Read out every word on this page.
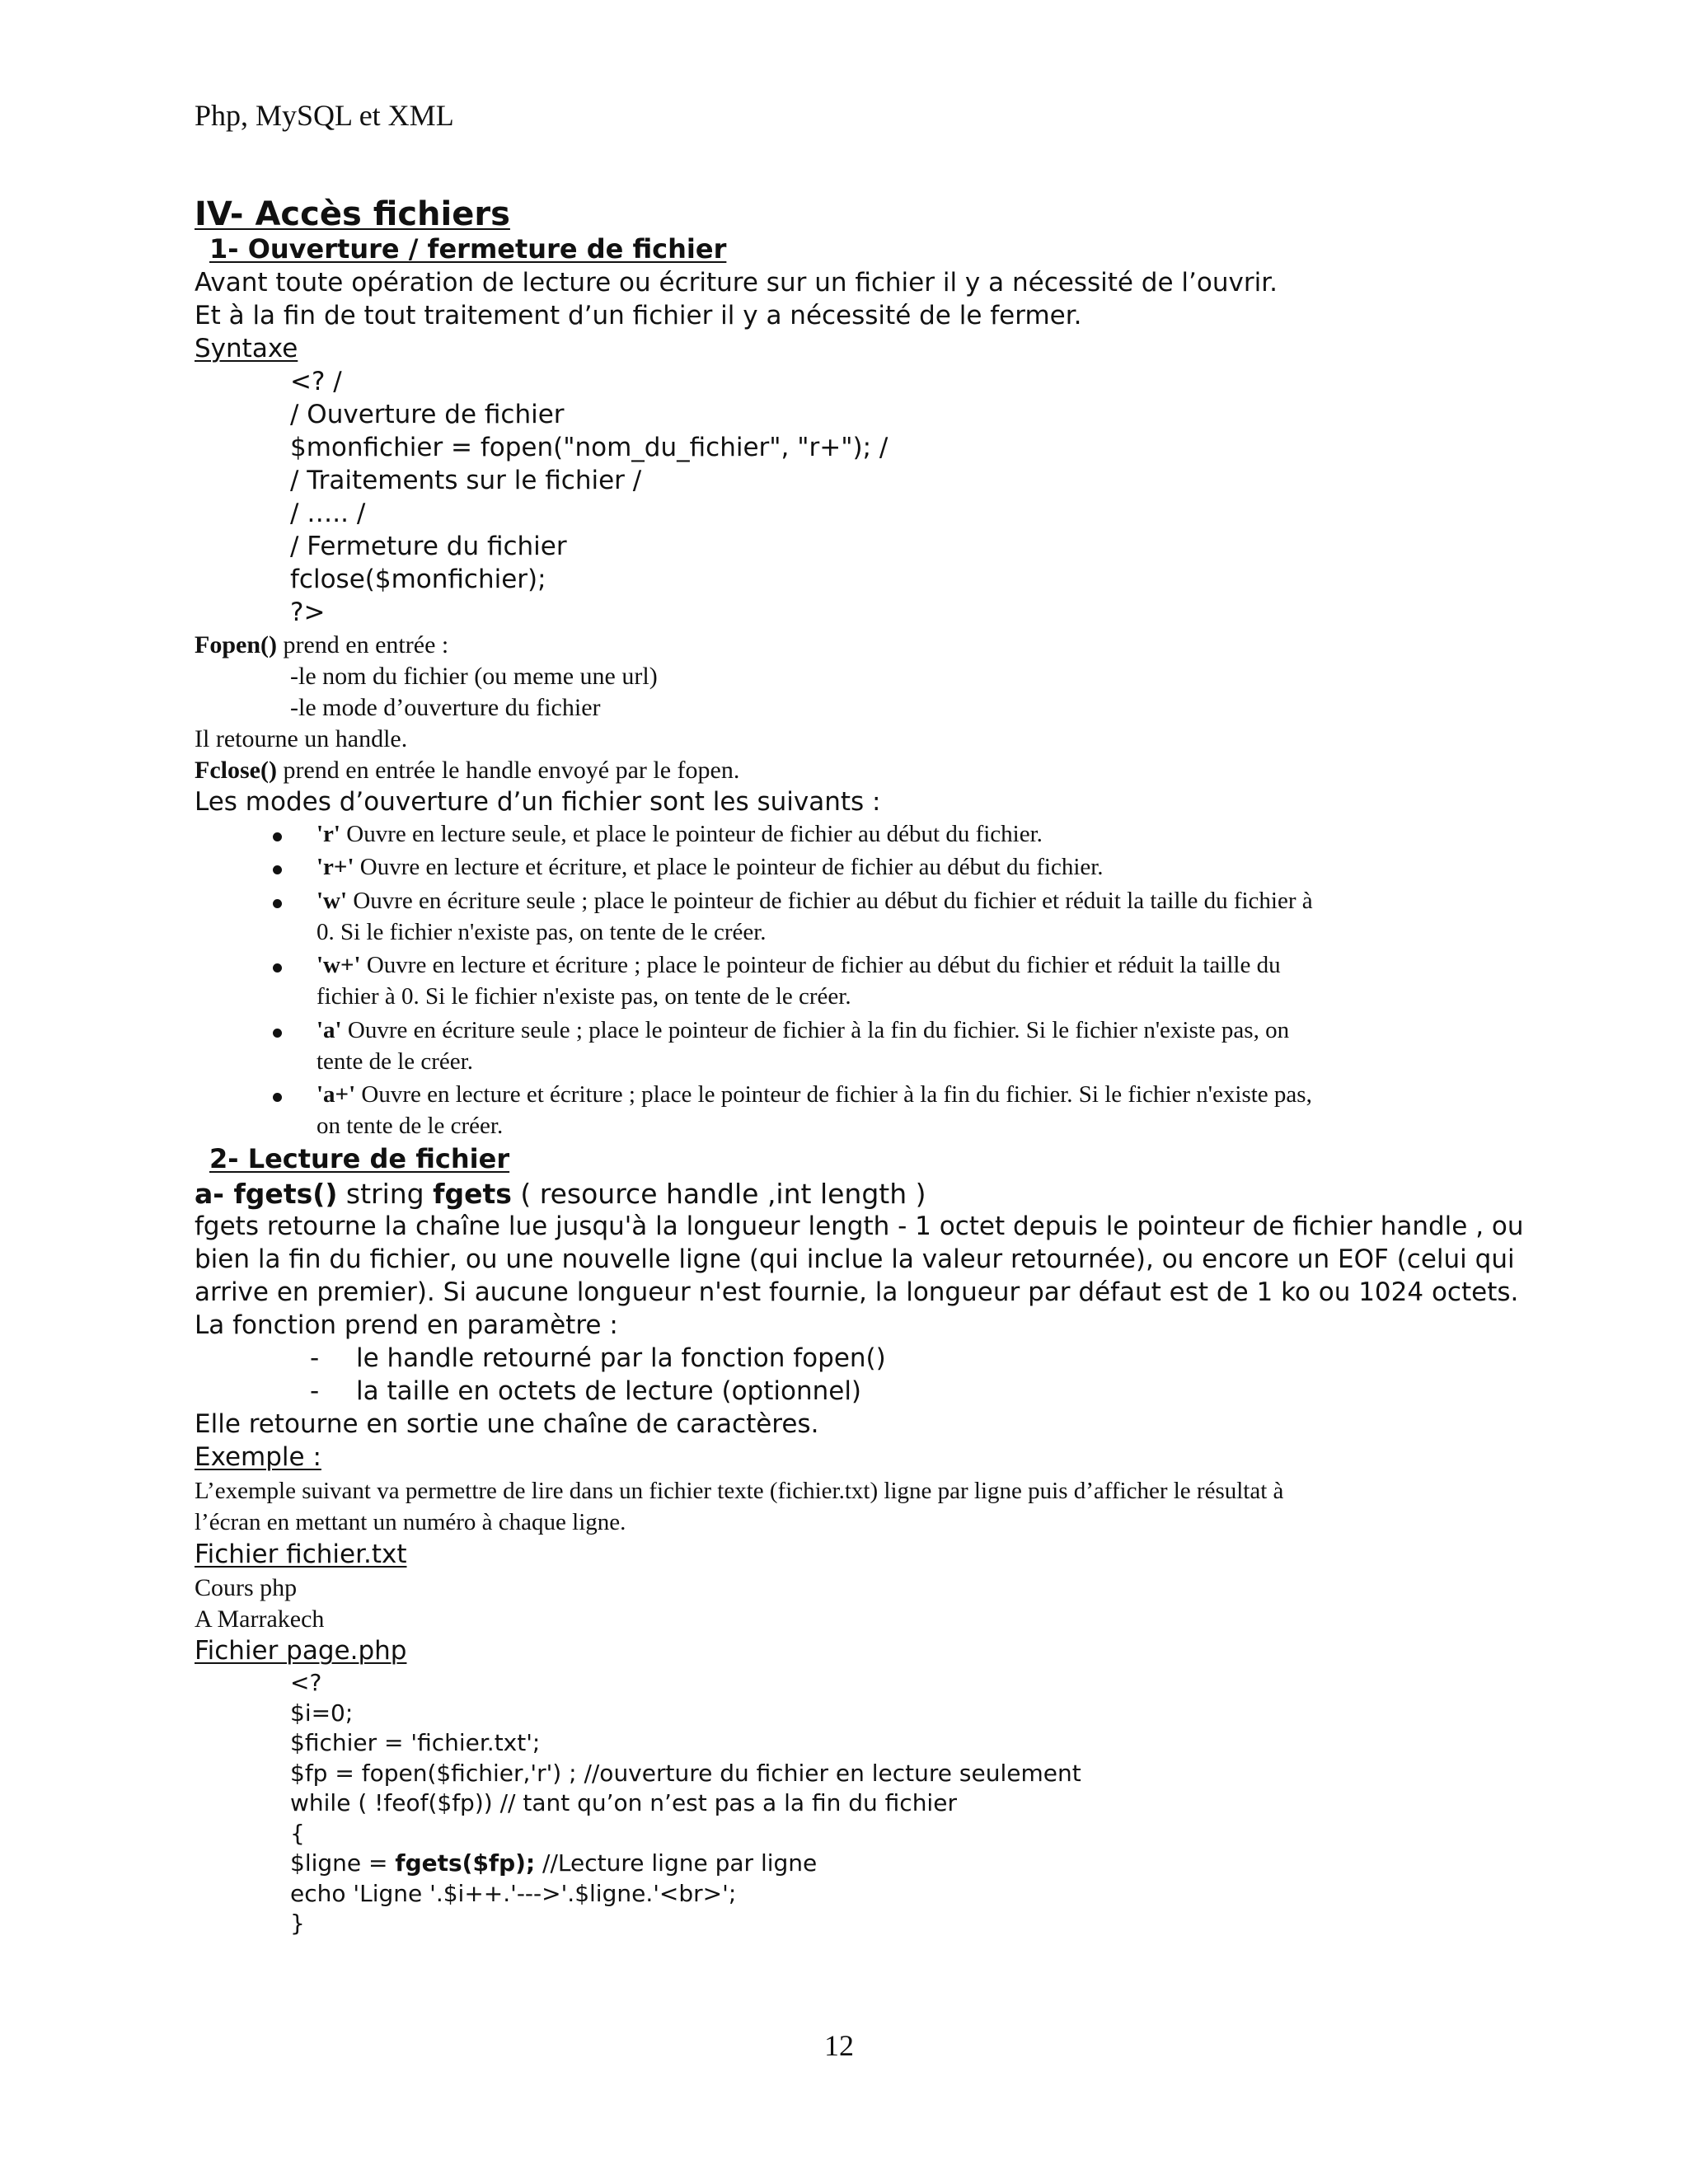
Php, MySQL et XML
IV- Accès fichiers
1- Ouverture / fermeture de fichier
Avant toute opération de lecture ou écriture sur un fichier il y a nécessité de l’ouvrir.
Et à la fin de tout traitement d’un fichier il y a nécessité de le fermer.
Syntaxe
<? /
/ Ouverture de fichier
$monfichier = fopen("nom_du_fichier", "r+"); /
/ Traitements sur le fichier /
/ ….. /
/ Fermeture du fichier
fclose($monfichier);
?>
Fopen() prend en entrée :
-le nom du fichier (ou meme une url)
-le mode d’ouverture du fichier
Il retourne un handle.
Fclose() prend en entrée le handle envoyé par le fopen.
Les modes d’ouverture d’un fichier sont les suivants :
'r' Ouvre en lecture seule, et place le pointeur de fichier au début du fichier.
'r+' Ouvre en lecture et écriture, et place le pointeur de fichier au début du fichier.
'w' Ouvre en écriture seule ; place le pointeur de fichier au début du fichier et réduit la taille du fichier à
0. Si le fichier n'existe pas, on tente de le créer.
'w+' Ouvre en lecture et écriture ; place le pointeur de fichier au début du fichier et réduit la taille du
fichier à 0. Si le fichier n'existe pas, on tente de le créer.
'a' Ouvre en écriture seule ; place le pointeur de fichier à la fin du fichier. Si le fichier n'existe pas, on
tente de le créer.
'a+' Ouvre en lecture et écriture ; place le pointeur de fichier à la fin du fichier. Si le fichier n'existe pas,
on tente de le créer.
2- Lecture de fichier
a- fgets() string fgets ( resource handle ,int length )
fgets retourne la chaîne lue jusqu'à la longueur length - 1 octet depuis le pointeur de fichier handle , ou
bien la fin du fichier, ou une nouvelle ligne (qui inclue la valeur retournée), ou encore un EOF (celui qui
arrive en premier). Si aucune longueur n'est fournie, la longueur par défaut est de 1 ko ou 1024 octets.
La fonction prend en paramètre :
- le handle retourné par la fonction fopen()
- la taille en octets de lecture (optionnel)
Elle retourne en sortie une chaîne de caractères.
Exemple :
L’exemple suivant va permettre de lire dans un fichier texte (fichier.txt) ligne par ligne puis d’afficher le résultat à
l’écran en mettant un numéro à chaque ligne.
Fichier fichier.txt
Cours php
A Marrakech
Fichier page.php
<?
$i=0;
$fichier = 'fichier.txt';
$fp = fopen($fichier,'r') ; //ouverture du fichier en lecture seulement
while ( !feof($fp)) // tant qu’on n’est pas a la fin du fichier
{
$ligne = fgets($fp); //Lecture ligne par ligne
echo 'Ligne '.$i++.'--->'.$ligne.'<br>';
}
12
